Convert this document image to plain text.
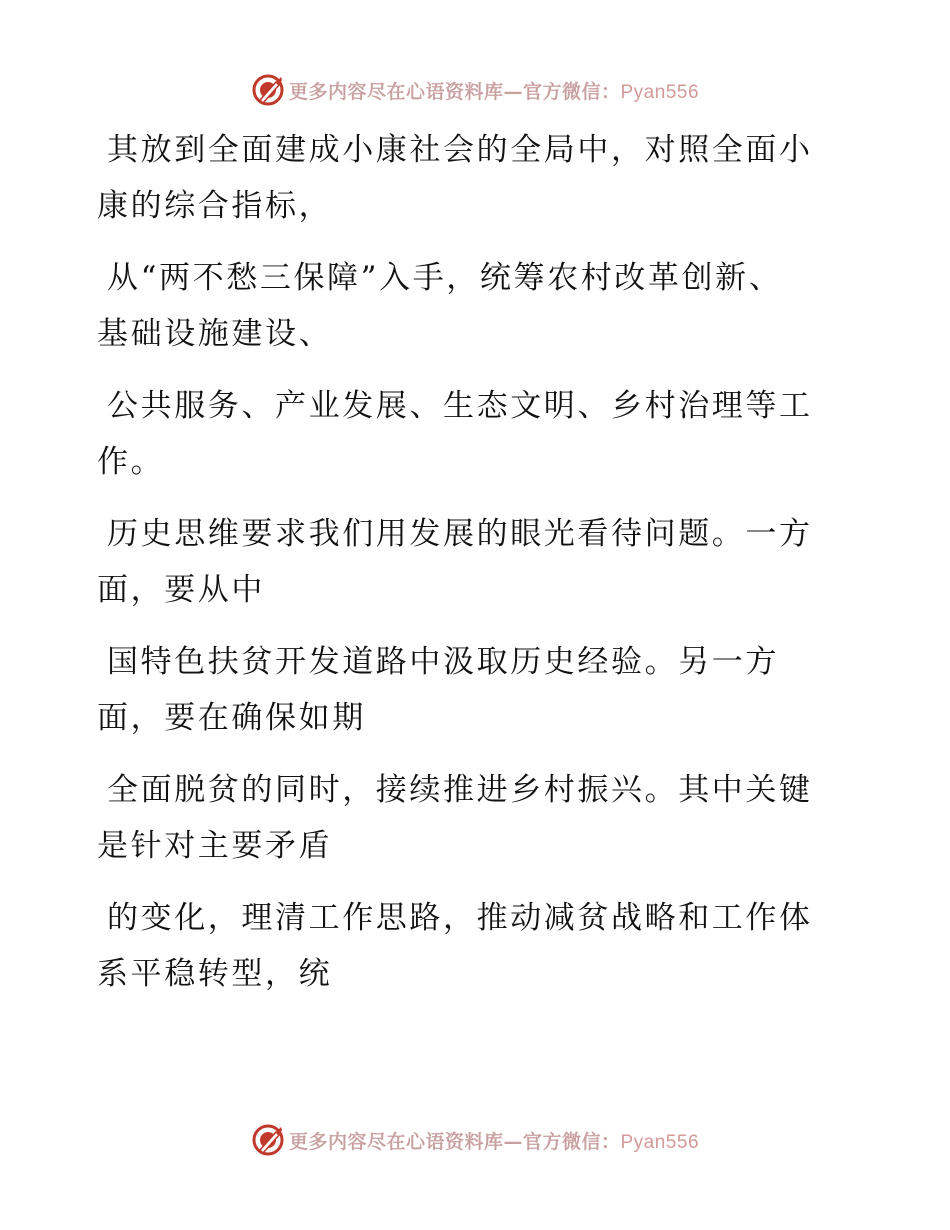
更多内容尽在心语资料库—官方微信：Pyan556
其放到全面建成小康社会的全局中，对照全面小
康的综合指标，
从“两不愁三保障”入手，统筹农村改革创新、
基础设施建设、
公共服务、产业发展、生态文明、乡村治理等工
作。
历史思维要求我们用发展的眼光看待问题。一方
面，要从中
国特色扶贫开发道路中汲取历史经验。另一方
面，要在确保如期
全面脱贫的同时，接续推进乡村振兴。其中关键
是针对主要矛盾
的变化，理清工作思路，推动减贫战略和工作体
系平稳转型，统
更多内容尽在心语资料库—官方微信：Pyan556
